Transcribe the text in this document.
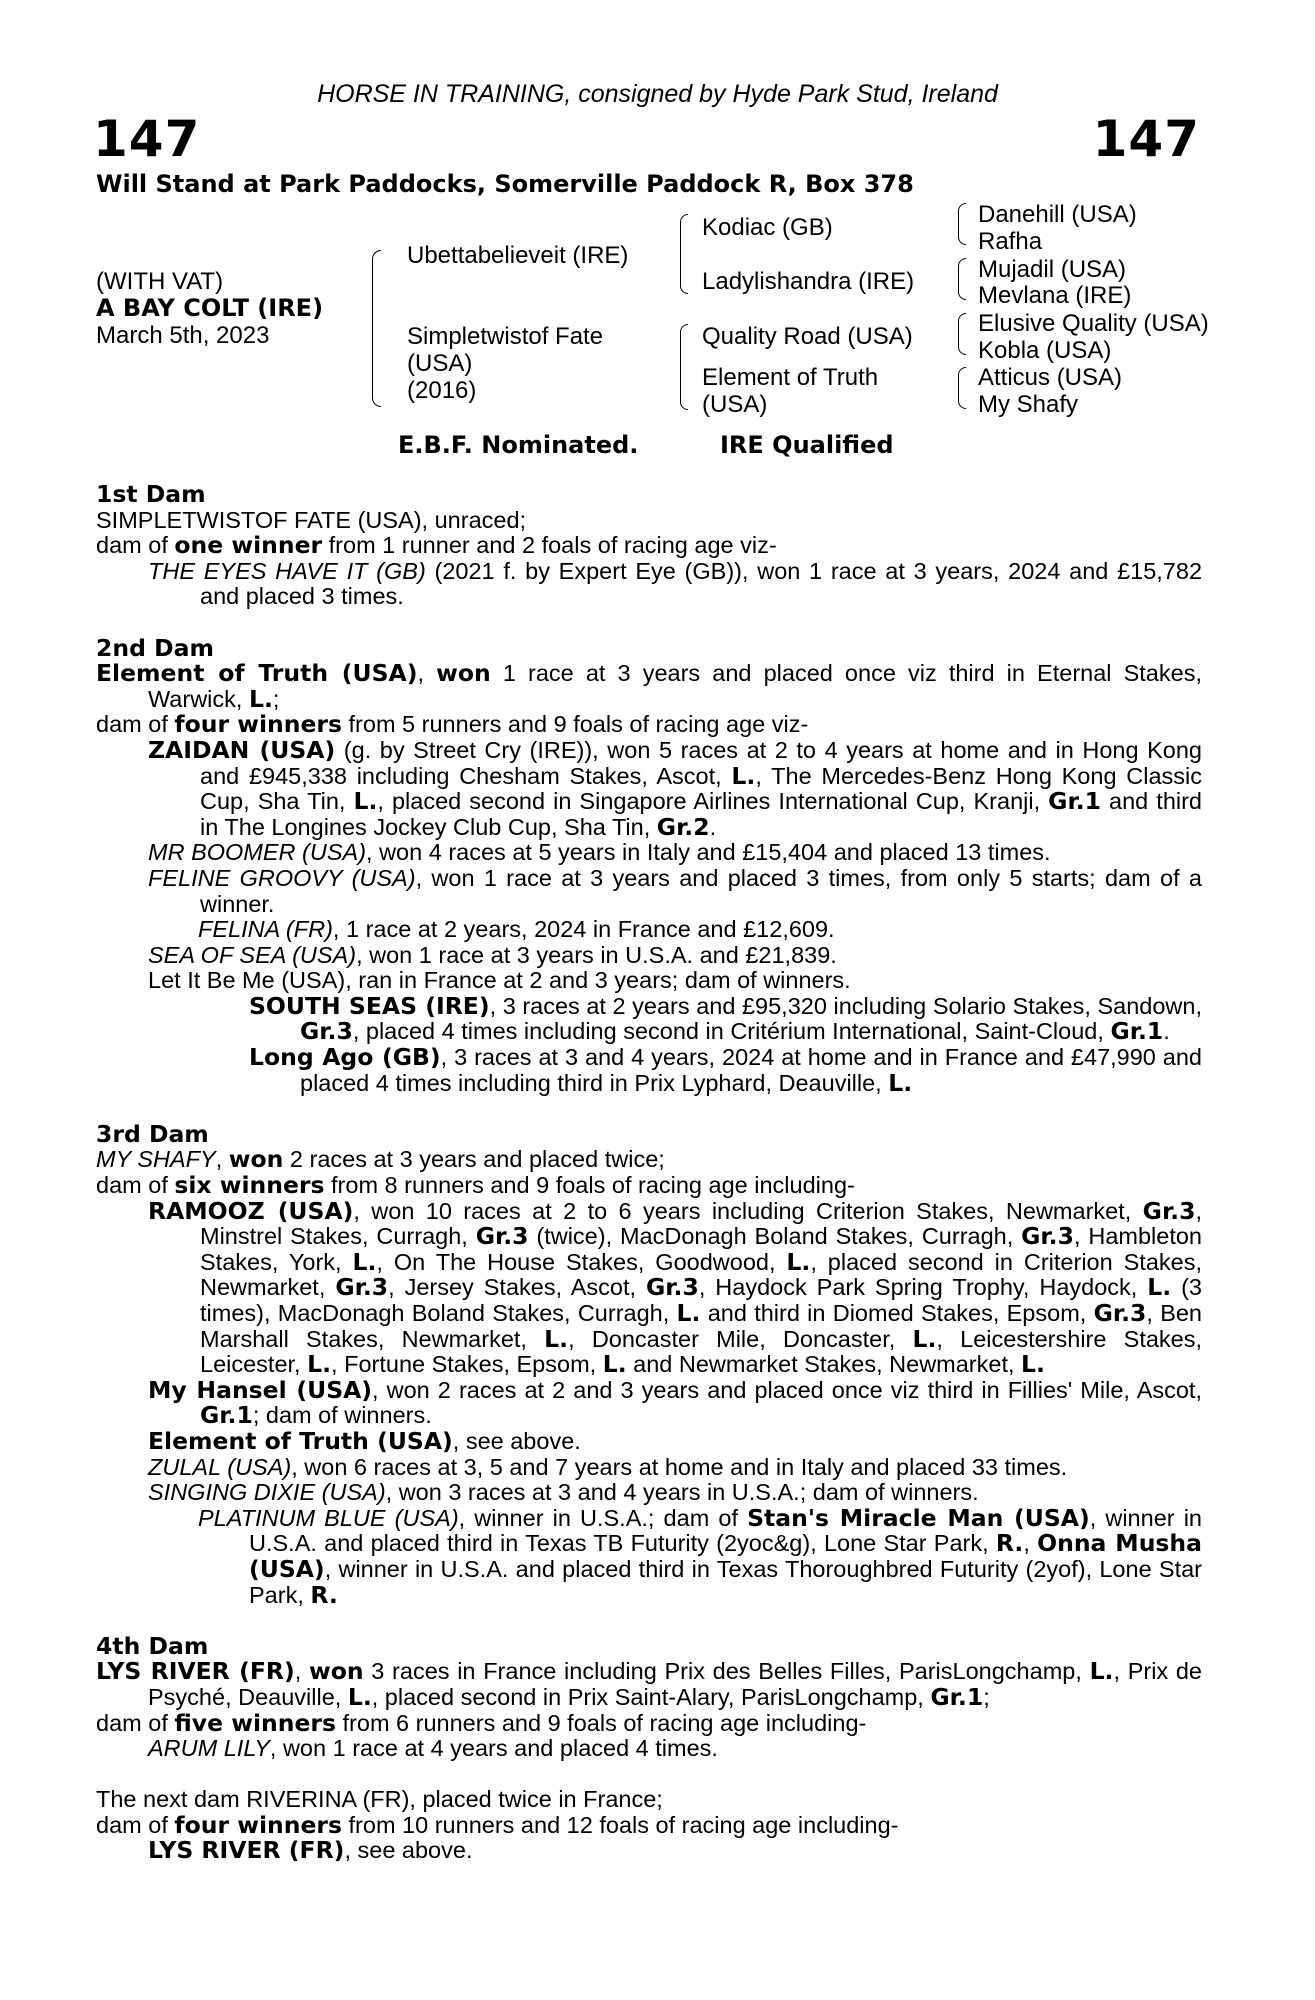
HORSE IN TRAINING, consigned by Hyde Park Stud, Ireland
147	147
Will Stand at Park Paddocks, Somerville Paddock R, Box 378
(WITH VAT)
A BAY COLT (IRE)
March 5th, 2023
Ubettabelieveit (IRE)
Simpletwistof Fate
(USA)
(2016)
Kodiac (GB)
Ladylishandra (IRE)
Quality Road (USA)
Element of Truth
(USA)
Danehill (USA)
Rafha
Mujadil (USA)
Mevlana (IRE)
Elusive Quality (USA)
Kobla (USA)
Atticus (USA)
My Shafy
E.B.F. Nominated.	IRE Qualified

1st Dam

SIMPLETWISTOF FATE (USA), unraced;

dam of one winner from 1 runner and 2 foals of racing age viz-

THE EYES HAVE IT (GB) (2021 f. by Expert Eye (GB)), won 1 race at 3 years, 2024 and £15,782 and placed 3 times.

2nd Dam

Element of Truth (USA), won 1 race at 3 years and placed once viz third in Eternal Stakes, Warwick, L.;

dam of four winners from 5 runners and 9 foals of racing age viz-

ZAIDAN (USA) (g. by Street Cry (IRE)), won 5 races at 2 to 4 years at home and in Hong Kong and £945,338 including Chesham Stakes, Ascot, L., The Mercedes-Benz Hong Kong Classic Cup, Sha Tin, L., placed second in Singapore Airlines International Cup, Kranji, Gr.1 and third in The Longines Jockey Club Cup, Sha Tin, Gr.2.

MR BOOMER (USA), won 4 races at 5 years in Italy and £15,404 and placed 13 times.

FELINE GROOVY (USA), won 1 race at 3 years and placed 3 times, from only 5 starts; dam of a winner.

FELINA (FR), 1 race at 2 years, 2024 in France and £12,609.

SEA OF SEA (USA), won 1 race at 3 years in U.S.A. and £21,839.

Let It Be Me (USA), ran in France at 2 and 3 years; dam of winners.

SOUTH SEAS (IRE), 3 races at 2 years and £95,320 including Solario Stakes, Sandown, Gr.3, placed 4 times including second in Critérium International, Saint-Cloud, Gr.1.

Long Ago (GB), 3 races at 3 and 4 years, 2024 at home and in France and £47,990 and placed 4 times including third in Prix Lyphard, Deauville, L.

3rd Dam

MY SHAFY, won 2 races at 3 years and placed twice;

dam of six winners from 8 runners and 9 foals of racing age including-

RAMOOZ (USA), won 10 races at 2 to 6 years including Criterion Stakes, Newmarket, Gr.3, Minstrel Stakes, Curragh, Gr.3 (twice), MacDonagh Boland Stakes, Curragh, Gr.3, Hambleton Stakes, York, L., On The House Stakes, Goodwood, L., placed second in Criterion Stakes, Newmarket, Gr.3, Jersey Stakes, Ascot, Gr.3, Haydock Park Spring Trophy, Haydock, L. (3 times), MacDonagh Boland Stakes, Curragh, L. and third in Diomed Stakes, Epsom, Gr.3, Ben Marshall Stakes, Newmarket, L., Doncaster Mile, Doncaster, L., Leicestershire Stakes, Leicester, L., Fortune Stakes, Epsom, L. and Newmarket Stakes, Newmarket, L.

My Hansel (USA), won 2 races at 2 and 3 years and placed once viz third in Fillies' Mile, Ascot, Gr.1; dam of winners.

Element of Truth (USA), see above.

ZULAL (USA), won 6 races at 3, 5 and 7 years at home and in Italy and placed 33 times.

SINGING DIXIE (USA), won 3 races at 3 and 4 years in U.S.A.; dam of winners.

PLATINUM BLUE (USA), winner in U.S.A.; dam of Stan's Miracle Man (USA), winner in U.S.A. and placed third in Texas TB Futurity (2yoc&g), Lone Star Park, R., Onna Musha (USA), winner in U.S.A. and placed third in Texas Thoroughbred Futurity (2yof), Lone Star Park, R.

4th Dam

LYS RIVER (FR), won 3 races in France including Prix des Belles Filles, ParisLongchamp, L., Prix de Psyché, Deauville, L., placed second in Prix Saint-Alary, ParisLongchamp, Gr.1;

dam of five winners from 6 runners and 9 foals of racing age including-

ARUM LILY, won 1 race at 4 years and placed 4 times.

The next dam RIVERINA (FR), placed twice in France;

dam of four winners from 10 runners and 12 foals of racing age including-

LYS RIVER (FR), see above.
